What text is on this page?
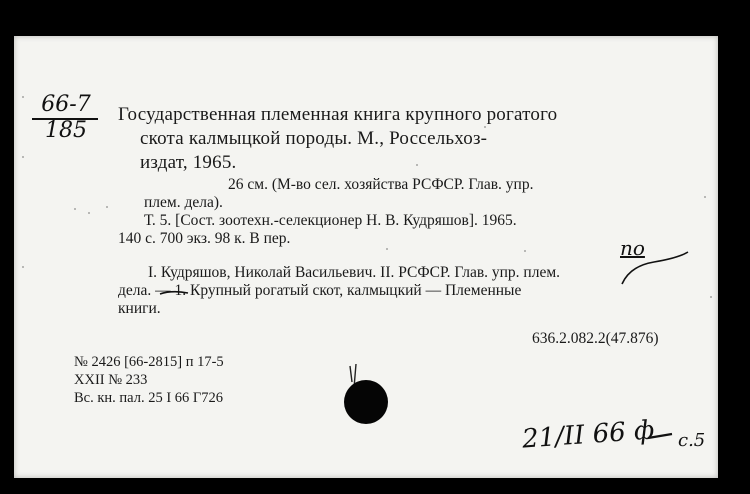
66-7
185
Государственная племенная книга крупного рогатого
скота калмыцкой породы. М., Россельхоз-
издат, 1965.
26 см. (М-во сел. хозяйства РСФСР. Глав. упр.
плем. дела).
Т. 5. [Сост. зоотехн.-селекционер Н. В. Кудряшов]. 1965.
140 с. 700 экз. 98 к. В пер.
I. Кудряшов, Николай Васильевич. II. РСФСР. Глав. упр. плем.
дела. — 1. Крупный рогатый скот, калмыцкий — Племенные
книги.
по
636.2.082.2(47.876)
№ 2426 [66-2815] п 17-5
XXII № 233
Вс. кн. пал. 25 I 66 Г726
21/II 66 ф с.5
